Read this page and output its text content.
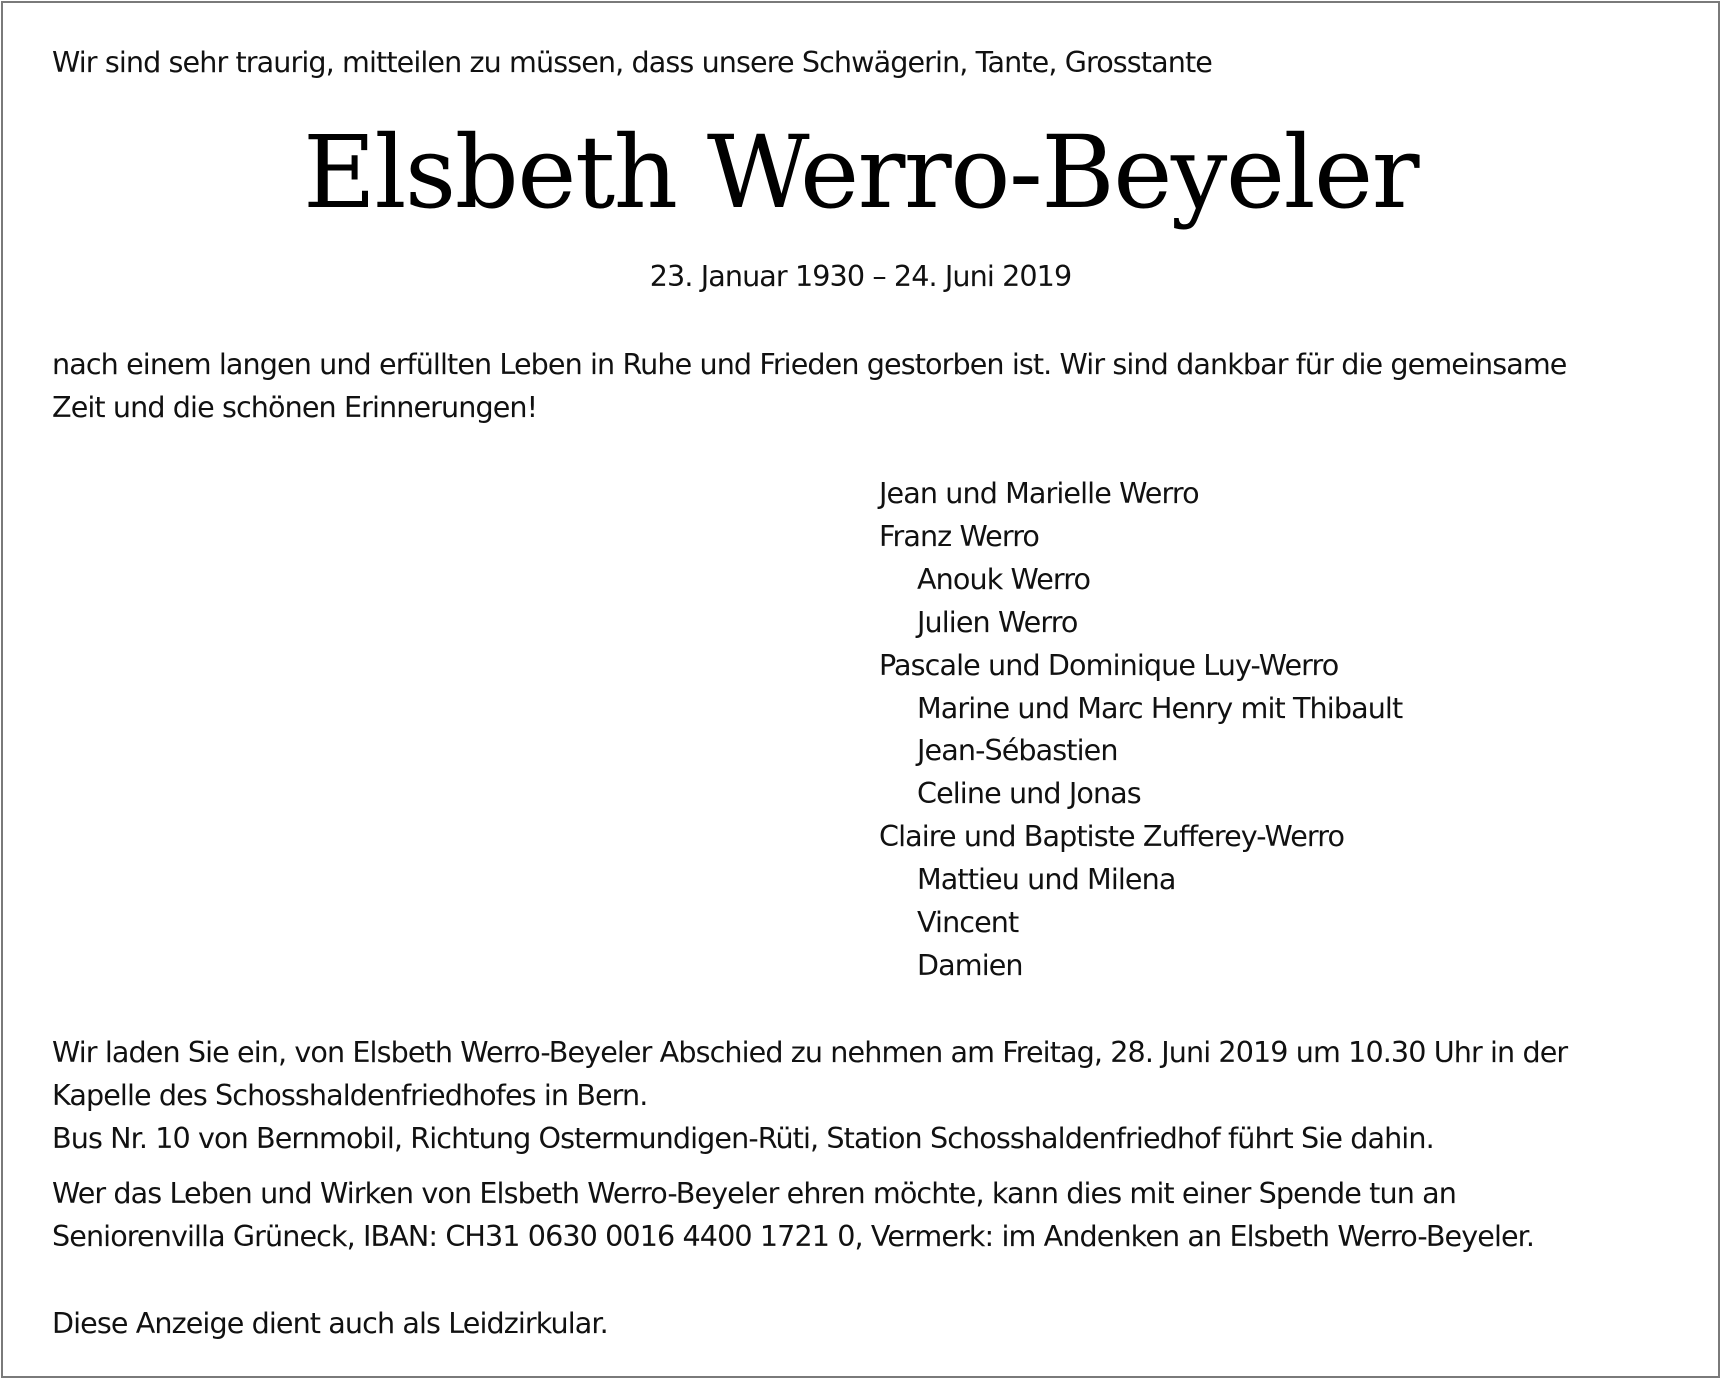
Wir sind sehr traurig, mitteilen zu müssen, dass unsere Schwägerin, Tante, Grosstante
Elsbeth Werro-Beyeler
23. Januar 1930 – 24. Juni 2019
nach einem langen und erfüllten Leben in Ruhe und Frieden gestorben ist. Wir sind dankbar für die gemeinsame
Zeit und die schönen Erinnerungen!
Jean und Marielle Werro
Franz Werro
Anouk Werro
Julien Werro
Pascale und Dominique Luy-Werro
Marine und Marc Henry mit Thibault
Jean-Sébastien
Celine und Jonas
Claire und Baptiste Zufferey-Werro
Mattieu und Milena
Vincent
Damien
Wir laden Sie ein, von Elsbeth Werro-Beyeler Abschied zu nehmen am Freitag, 28. Juni 2019 um 10.30 Uhr in der
Kapelle des Schosshaldenfriedhofes in Bern.
Bus Nr. 10 von Bernmobil, Richtung Ostermundigen-Rüti, Station Schosshaldenfriedhof führt Sie dahin.
Wer das Leben und Wirken von Elsbeth Werro-Beyeler ehren möchte, kann dies mit einer Spende tun an
Seniorenvilla Grüneck, IBAN: CH31 0630 0016 4400 1721 0, Vermerk: im Andenken an Elsbeth Werro-Beyeler.
Diese Anzeige dient auch als Leidzirkular.
